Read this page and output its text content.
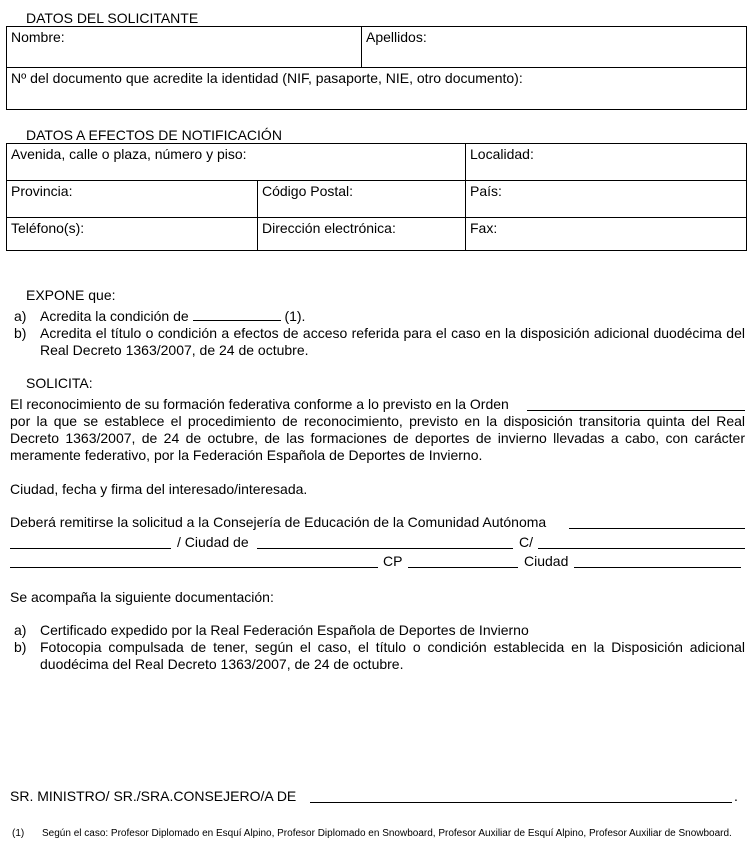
DATOS DEL SOLICITANTE
Nombre:	Apellidos:
Nº del documento que acredite la identidad (NIF, pasaporte, NIE, otro documento):
DATOS A EFECTOS DE NOTIFICACIÓN
Avenida, calle o plaza, número y piso:	Localidad:
Provincia:	Código Postal:	País:
Teléfono(s):	Dirección electrónica:	Fax:
EXPONE que:
a) Acredita la condición de	(1).
b) Acredita el título o condición a efectos de acceso referida para el caso en la disposición adicional duodécima del Real Decreto 1363/2007, de 24 de octubre.
SOLICITA:
El reconocimiento de su formación federativa conforme a lo previsto en la Orden
por la que se establece el procedimiento de reconocimiento, previsto en la disposición transitoria quinta del Real Decreto 1363/2007, de 24 de octubre, de las formaciones de deportes de invierno llevadas a cabo, con carácter meramente federativo, por la Federación Española de Deportes de Invierno.
Ciudad, fecha y firma del interesado/interesada.
Deberá remitirse la solicitud a la Consejería de Educación de la Comunidad Autónoma
/ Ciudad de	C/
CP	Ciudad
Se acompaña la siguiente documentación:
a) Certificado expedido por la Real Federación Española de Deportes de Invierno
b) Fotocopia compulsada de tener, según el caso, el título o condición establecida en la Disposición adicional duodécima del Real Decreto 1363/2007, de 24 de octubre.
SR. MINISTRO/ SR./SRA.CONSEJERO/A DE	.
(1) Según el caso: Profesor Diplomado en Esquí Alpino, Profesor Diplomado en Snowboard, Profesor Auxiliar de Esquí Alpino, Profesor Auxiliar de Snowboard.
